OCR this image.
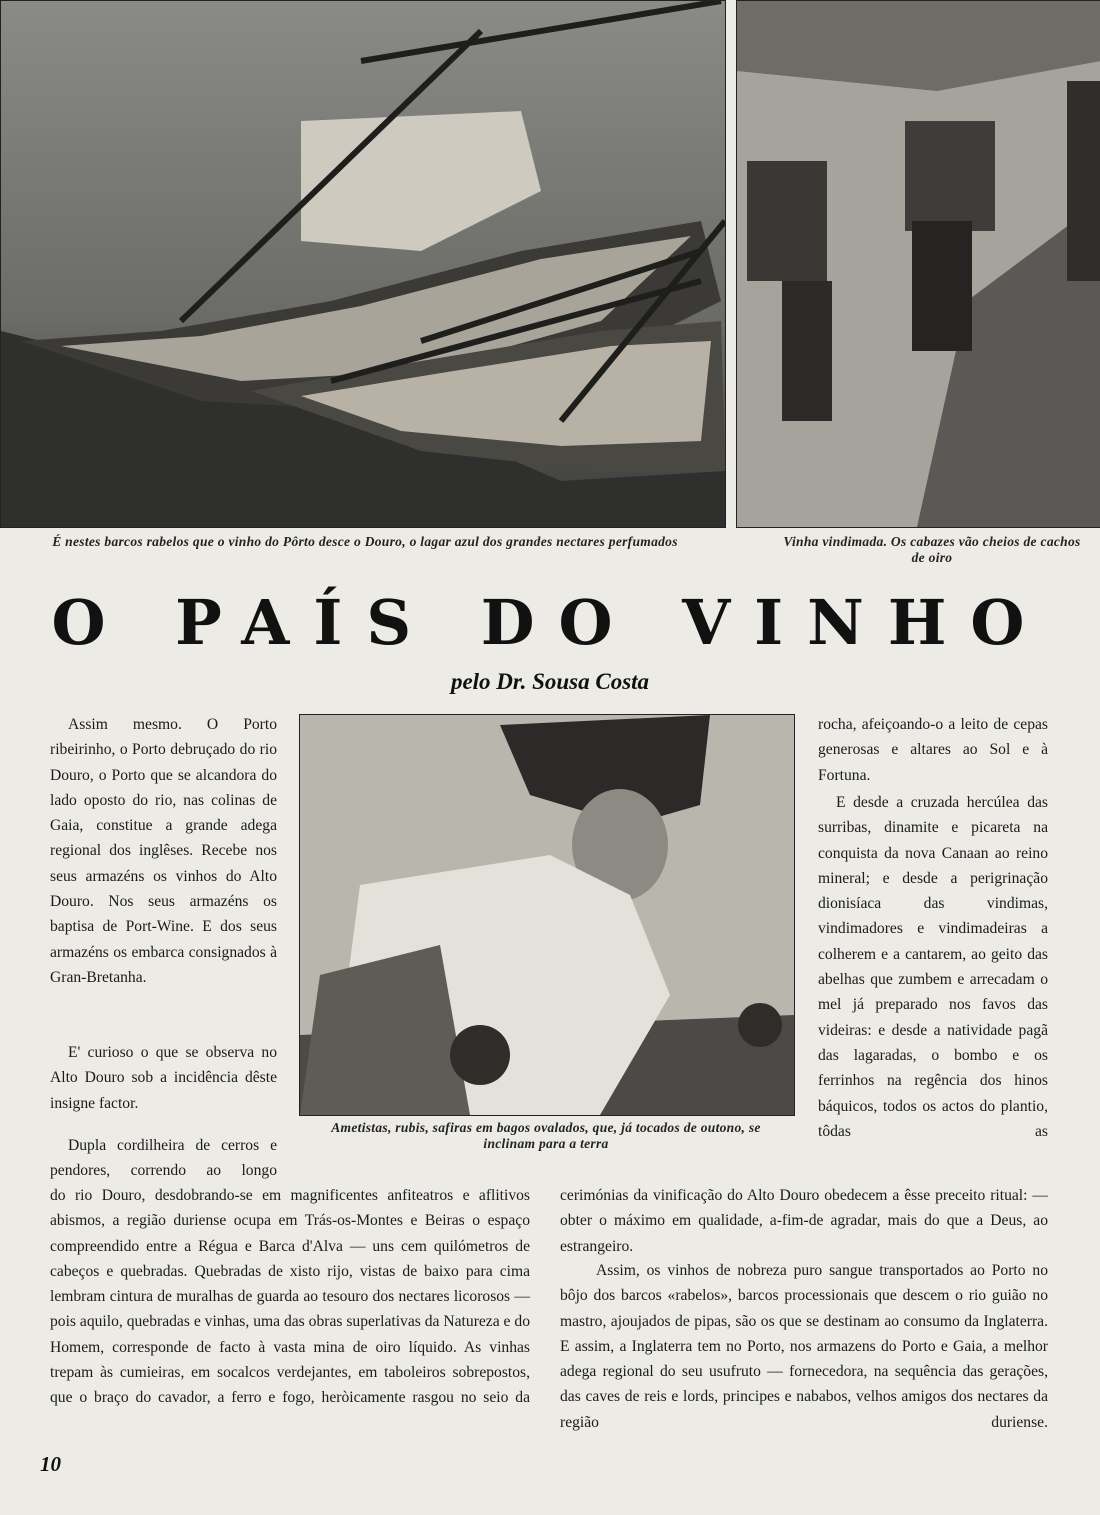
É nestes barcos rabelos que o vinho do Pôrto desce o Douro, o lagar azul dos grandes nectares perfumados	Vinha vindimada. Os cabazes vão cheios de cachos de oiro
O PAÍS DO VINHO
pelo Dr. Sousa Costa
Ametistas, rubis, safiras em bagos ovalados, que, já tocados de outono, se inclinam para a terra

Assim mesmo. O Porto ribeirinho, o Porto debruçado do rio Douro, o Porto que se alcandora do lado oposto do rio, nas colinas de Gaia, constitue a grande adega regional dos inglêses. Recebe nos seus armazéns os vinhos do Alto Douro. Nos seus armazéns os baptisa de Port-Wine. E dos seus armazéns os embarca consignados à Gran-Bretanha.

E' curioso o que se observa no Alto Douro sob a incidência dêste insigne factor.

Dupla cordilheira de cerros e pendores, correndo ao longo

rocha, afeiçoando-o a leito de cepas generosas e altares ao Sol e à Fortuna.

E desde a cruzada hercúlea das surribas, dinamite e picareta na conquista da nova Canaan ao reino mineral; e desde a perigrinação dionisíaca das vindimas, vindimadores e vindimadeiras a colherem e a cantarem, ao geito das abelhas que zumbem e arrecadam o mel já preparado nos favos das videiras: e desde a natividade pagã das lagaradas, o bombo e os ferrinhos na regência dos hinos báquicos, todos os actos do plantio, tôdas as

do rio Douro, desdobrando-se em magnificentes anfiteatros e aflitivos abismos, a região duriense ocupa em Trás-os-Montes e Beiras o espaço compreendido entre a Régua e Barca d'Alva — uns cem quilómetros de cabeços e quebradas. Quebradas de xisto rijo, vistas de baixo para cima lembram cintura de muralhas de guarda ao tesouro dos nectares licorosos — pois aquilo, quebradas e vinhas, uma das obras superlativas da Natureza e do Homem, corresponde de facto à vasta mina de oiro líquido. As vinhas trepam às cumieiras, em socalcos verdejantes, em taboleiros sobrepostos, que o braço do cavador, a ferro e fogo, heròicamente rasgou no seio da

cerimónias da vinificação do Alto Douro obedecem a êsse preceito ritual: — obter o máximo em qualidade, a-fim-de agradar, mais do que a Deus, ao estrangeiro.

Assim, os vinhos de nobreza puro sangue transportados ao Porto no bôjo dos barcos «rabelos», barcos processionais que descem o rio guião no mastro, ajoujados de pipas, são os que se destinam ao consumo da Inglaterra. E assim, a Inglaterra tem no Porto, nos armazens do Porto e Gaia, a melhor adega regional do seu usufruto — fornecedora, na sequência das gerações, das caves de reis e lords, principes e nababos, velhos amigos dos nectares da região duriense.

10
